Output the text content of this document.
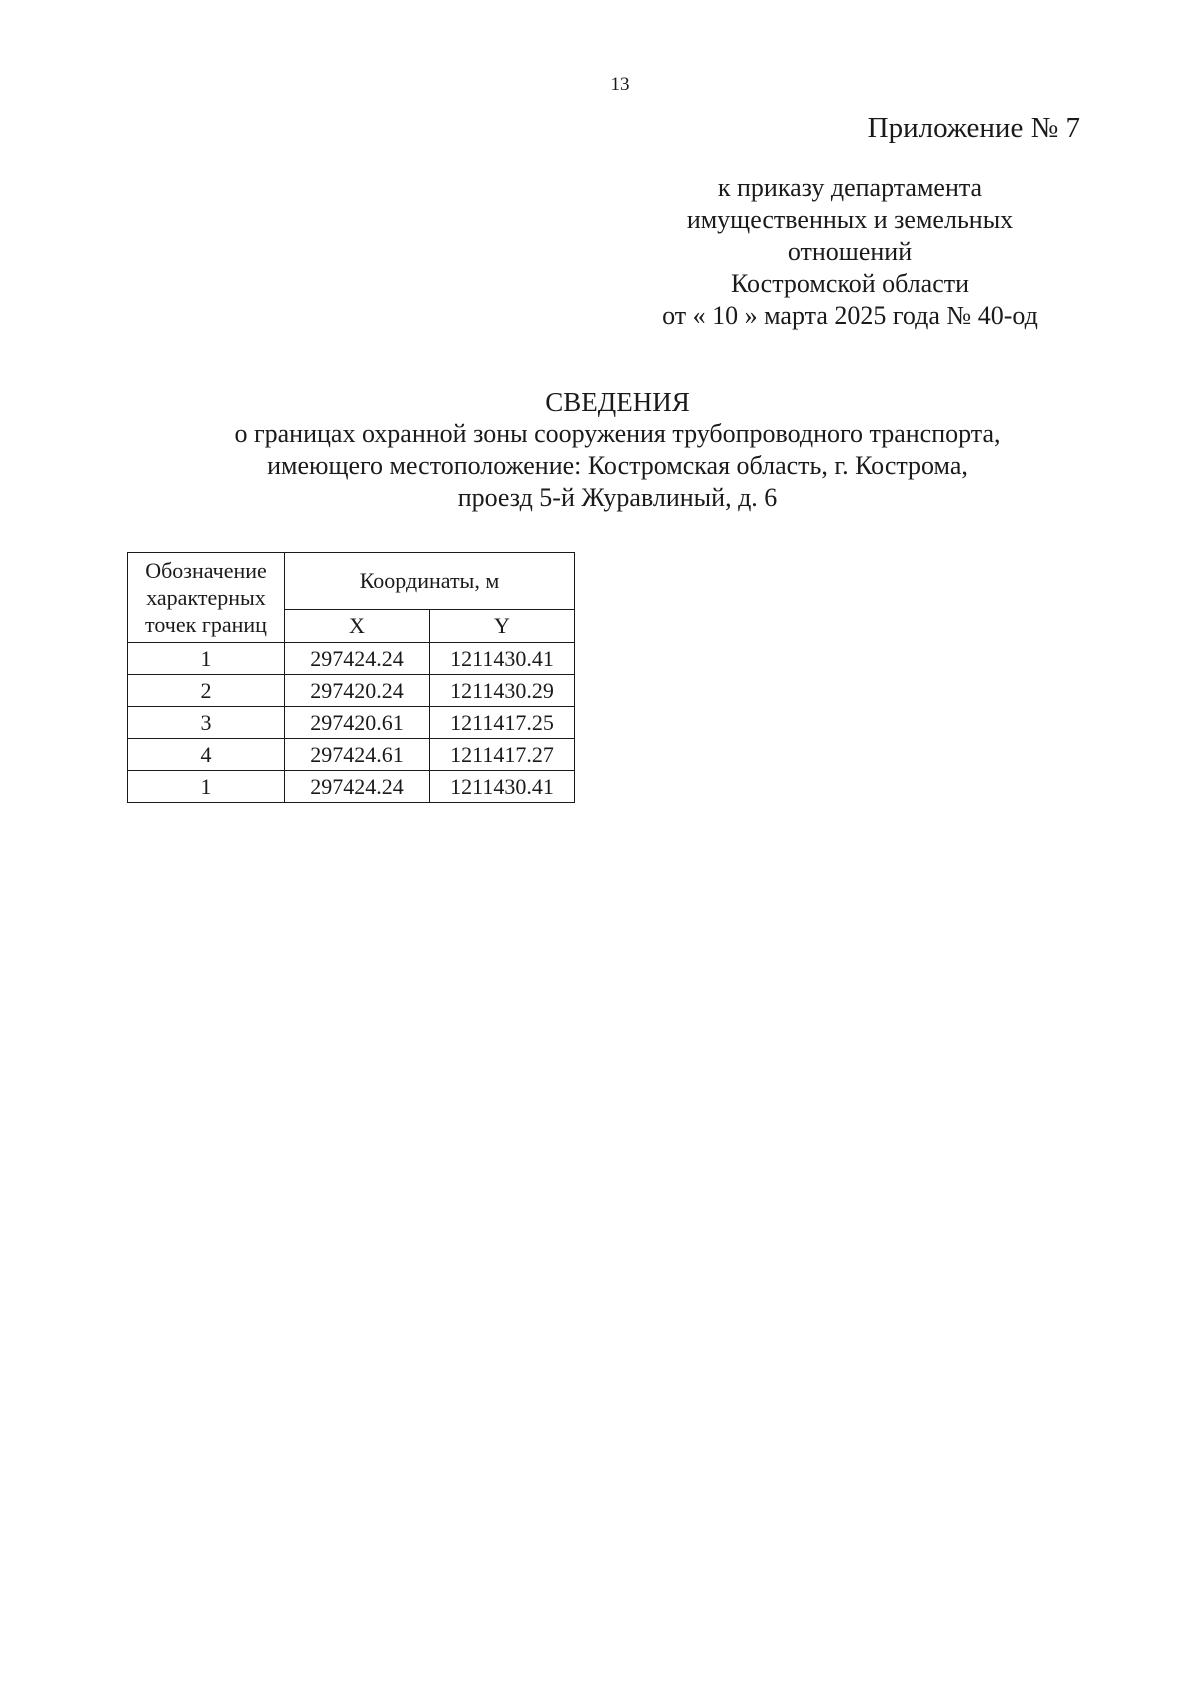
13
Приложение № 7
к приказу департамента
имущественных и земельных
отношений
Костромской области
от « 10 » марта 2025 года № 40-од
СВЕДЕНИЯ
о границах охранной зоны сооружения трубопроводного транспорта,
имеющего местоположение: Костромская область, г. Кострома,
проезд 5-й Журавлиный, д. 6
Обозначение
характерных
точек границ	Координаты, м	
	X	Y
1	297424.24	1211430.41
2	297420.24	1211430.29
3	297420.61	1211417.25
4	297424.61	1211417.27
1	297424.24	1211430.41
